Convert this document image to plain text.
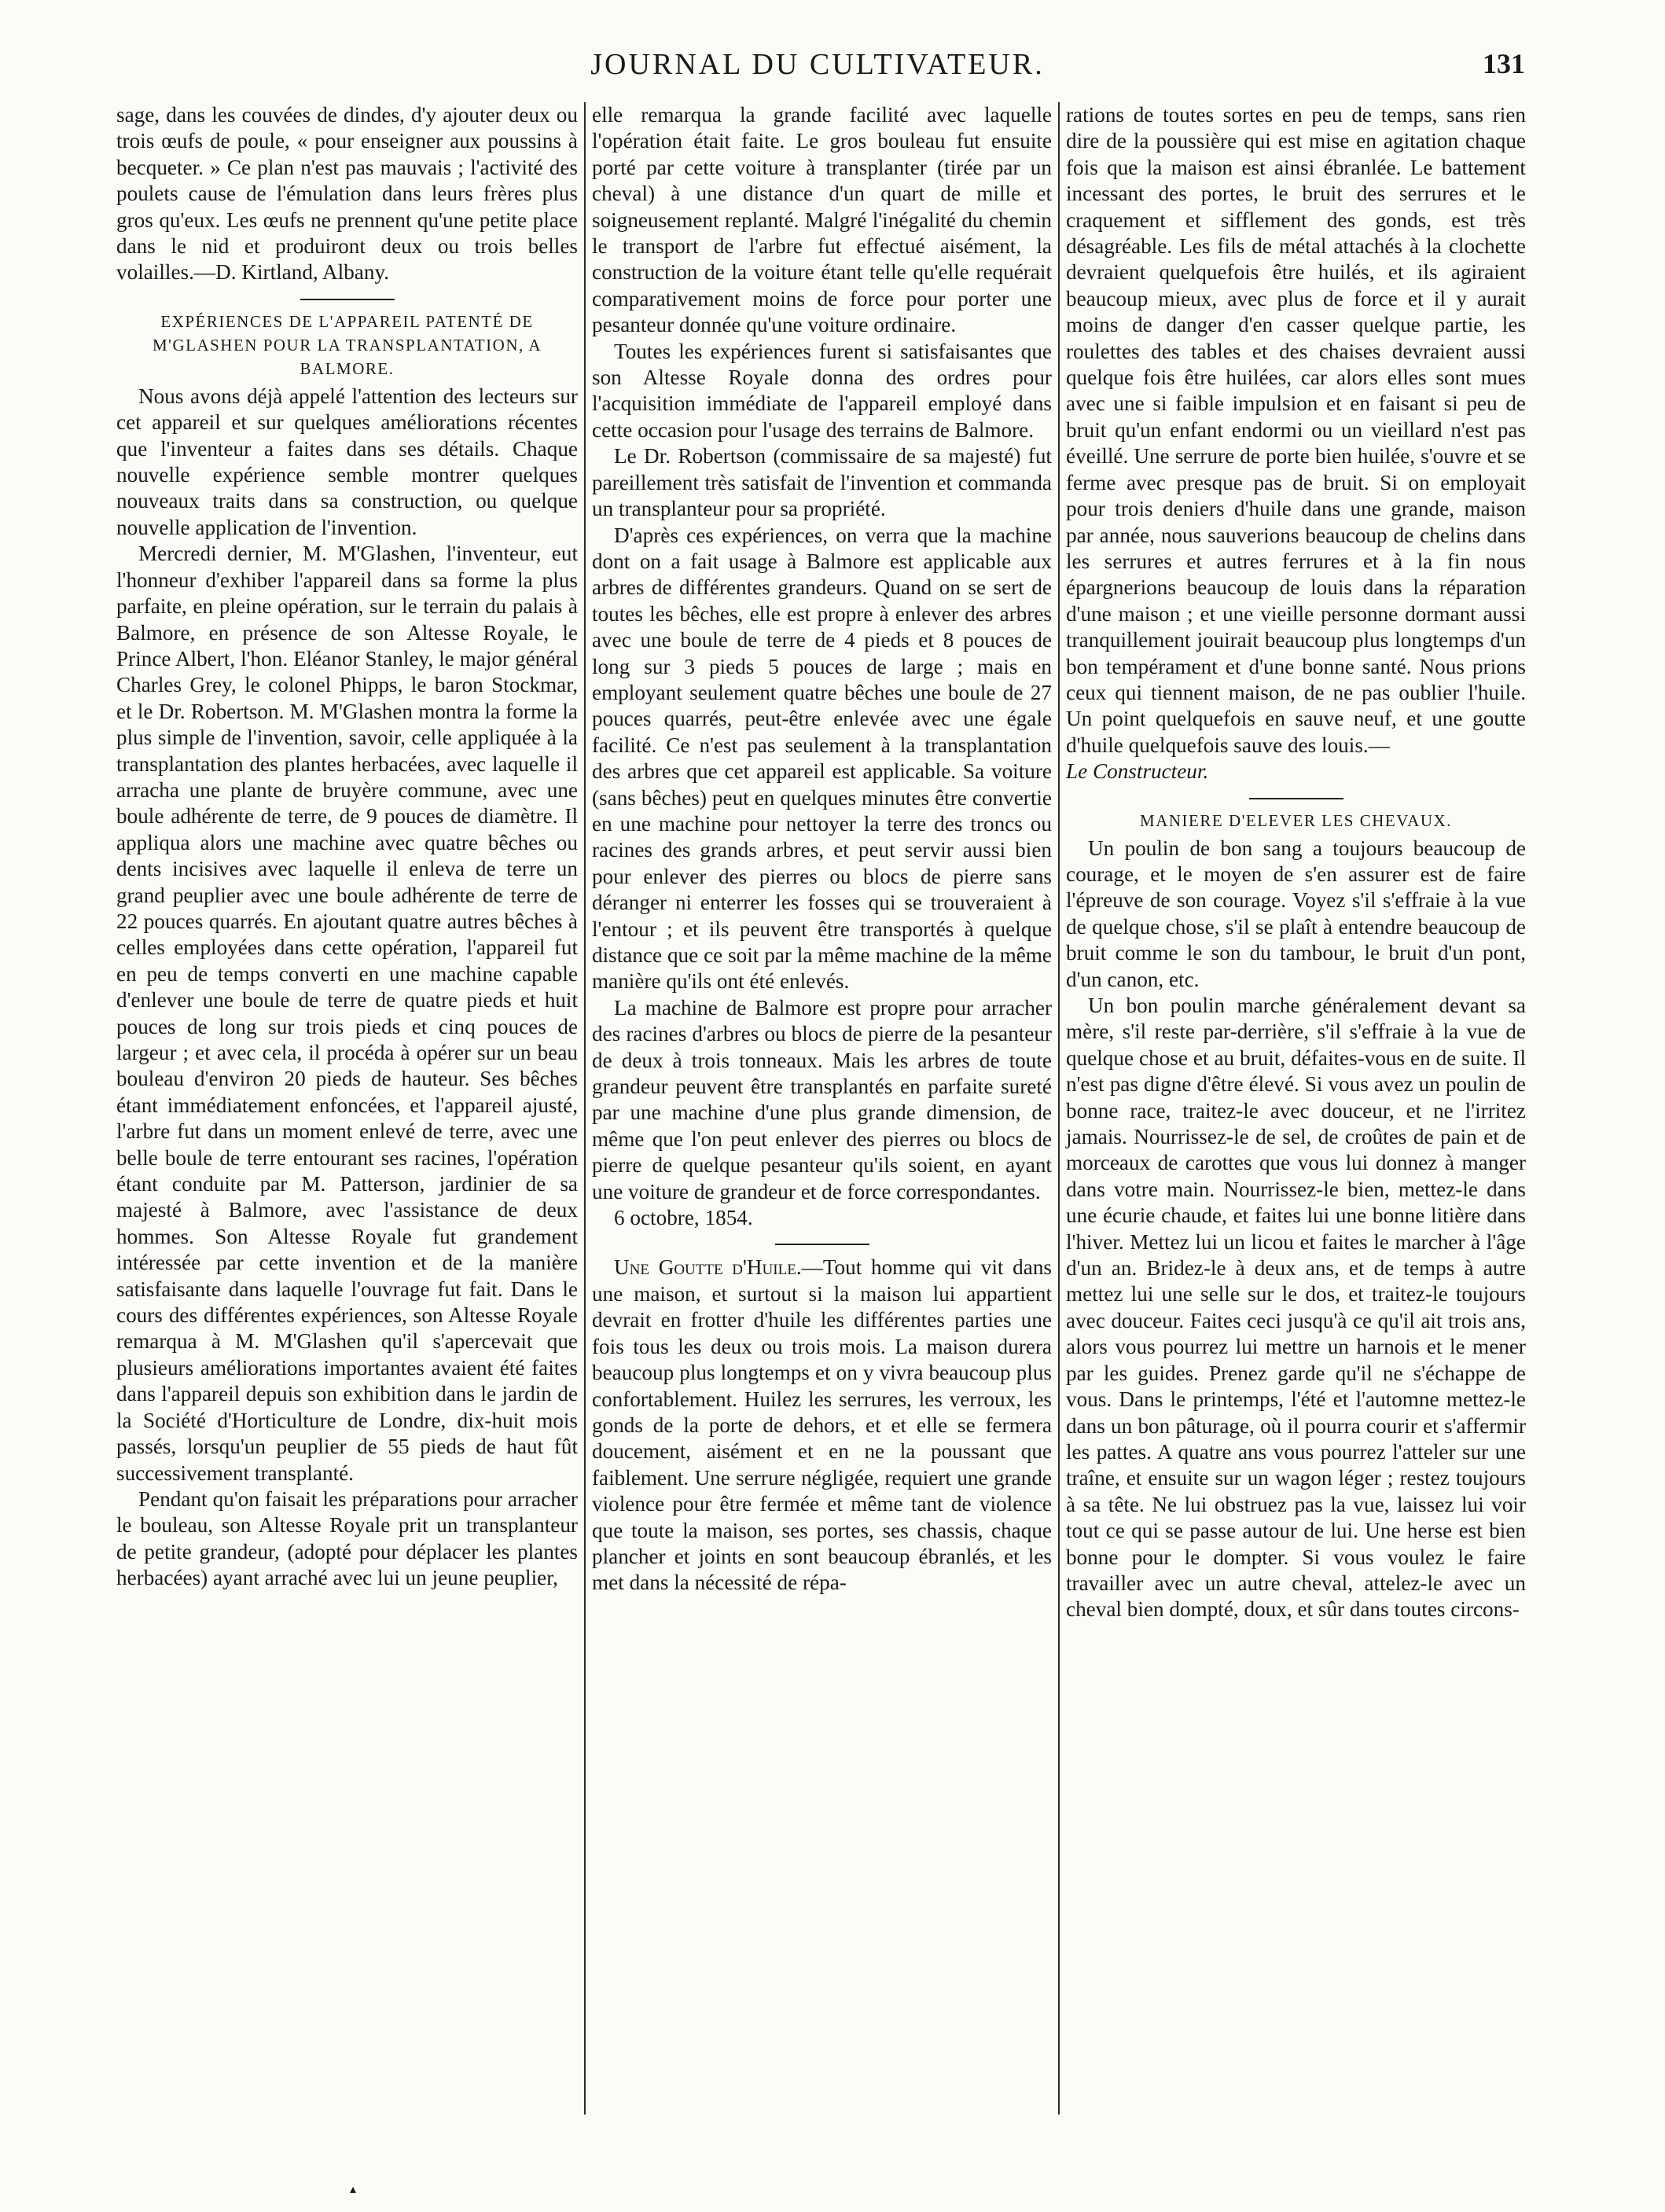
JOURNAL DU CULTIVATEUR.	131

sage, dans les couvées de dindes, d'y ajouter deux ou trois œufs de poule, « pour enseigner aux poussins à becqueter. » Ce plan n'est pas mauvais ; l'activité des poulets cause de l'émulation dans leurs frères plus gros qu'eux. Les œufs ne prennent qu'une petite place dans le nid et produiront deux ou trois belles volailles.—D. Kirtland, Albany.

EXPÉRIENCES DE L'APPAREIL PATENTÉ DE M'GLASHEN POUR LA TRANSPLANTATION, A BALMORE.

Nous avons déjà appelé l'attention des lecteurs sur cet appareil et sur quelques améliorations récentes que l'inventeur a faites dans ses détails. Chaque nouvelle expérience semble montrer quelques nouveaux traits dans sa construction, ou quelque nouvelle application de l'invention.

Mercredi dernier, M. M'Glashen, l'inventeur, eut l'honneur d'exhiber l'appareil dans sa forme la plus parfaite, en pleine opération, sur le terrain du palais à Balmore, en présence de son Altesse Royale, le Prince Albert, l'hon. Eléanor Stanley, le major général Charles Grey, le colonel Phipps, le baron Stockmar, et le Dr. Robertson. M. M'Glashen montra la forme la plus simple de l'invention, savoir, celle appliquée à la transplantation des plantes herbacées, avec laquelle il arracha une plante de bruyère commune, avec une boule adhérente de terre, de 9 pouces de diamètre. Il appliqua alors une machine avec quatre bêches ou dents incisives avec laquelle il enleva de terre un grand peuplier avec une boule adhérente de terre de 22 pouces quarrés. En ajoutant quatre autres bêches à celles employées dans cette opération, l'appareil fut en peu de temps converti en une machine capable d'enlever une boule de terre de quatre pieds et huit pouces de long sur trois pieds et cinq pouces de largeur ; et avec cela, il procéda à opérer sur un beau bouleau d'environ 20 pieds de hauteur. Ses bêches étant immédiatement enfoncées, et l'appareil ajusté, l'arbre fut dans un moment enlevé de terre, avec une belle boule de terre entourant ses racines, l'opération étant conduite par M. Patterson, jardinier de sa majesté à Balmore, avec l'assistance de deux hommes. Son Altesse Royale fut grandement intéressée par cette invention et de la manière satisfaisante dans laquelle l'ouvrage fut fait. Dans le cours des différentes expériences, son Altesse Royale remarqua à M. M'Glashen qu'il s'apercevait que plusieurs améliorations importantes avaient été faites dans l'appareil depuis son exhibition dans le jardin de la Société d'Horticulture de Londre, dix-huit mois passés, lorsqu'un peuplier de 55 pieds de haut fût successivement transplanté.

Pendant qu'on faisait les préparations pour arracher le bouleau, son Altesse Royale prit un transplanteur de petite grandeur, (adopté pour déplacer les plantes herbacées) ayant arraché avec lui un jeune peuplier,

elle remarqua la grande facilité avec laquelle l'opération était faite. Le gros bouleau fut ensuite porté par cette voiture à transplanter (tirée par un cheval) à une distance d'un quart de mille et soigneusement replanté. Malgré l'inégalité du chemin le transport de l'arbre fut effectué aisément, la construction de la voiture étant telle qu'elle requérait comparativement moins de force pour porter une pesanteur donnée qu'une voiture ordinaire.

Toutes les expériences furent si satisfaisantes que son Altesse Royale donna des ordres pour l'acquisition immédiate de l'appareil employé dans cette occasion pour l'usage des terrains de Balmore.

Le Dr. Robertson (commissaire de sa majesté) fut pareillement très satisfait de l'invention et commanda un transplanteur pour sa propriété.

D'après ces expériences, on verra que la machine dont on a fait usage à Balmore est applicable aux arbres de différentes grandeurs. Quand on se sert de toutes les bêches, elle est propre à enlever des arbres avec une boule de terre de 4 pieds et 8 pouces de long sur 3 pieds 5 pouces de large ; mais en employant seulement quatre bêches une boule de 27 pouces quarrés, peut-être enlevée avec une égale facilité. Ce n'est pas seulement à la transplantation des arbres que cet appareil est applicable. Sa voiture (sans bêches) peut en quelques minutes être convertie en une machine pour nettoyer la terre des troncs ou racines des grands arbres, et peut servir aussi bien pour enlever des pierres ou blocs de pierre sans déranger ni enterrer les fosses qui se trouveraient à l'entour ; et ils peuvent être transportés à quelque distance que ce soit par la même machine de la même manière qu'ils ont été enlevés.

La machine de Balmore est propre pour arracher des racines d'arbres ou blocs de pierre de la pesanteur de deux à trois tonneaux. Mais les arbres de toute grandeur peuvent être transplantés en parfaite sureté par une machine d'une plus grande dimension, de même que l'on peut enlever des pierres ou blocs de pierre de quelque pesanteur qu'ils soient, en ayant une voiture de grandeur et de force correspondantes.

6 octobre, 1854.

Une Goutte d'Huile.—Tout homme qui vit dans une maison, et surtout si la maison lui appartient devrait en frotter d'huile les différentes parties une fois tous les deux ou trois mois. La maison durera beaucoup plus longtemps et on y vivra beaucoup plus confortablement. Huilez les serrures, les verroux, les gonds de la porte de dehors, et et elle se fermera doucement, aisément et en ne la poussant que faiblement. Une serrure négligée, requiert une grande violence pour être fermée et même tant de violence que toute la maison, ses portes, ses chassis, chaque plancher et joints en sont beaucoup ébranlés, et les met dans la nécessité de répa-

rations de toutes sortes en peu de temps, sans rien dire de la poussière qui est mise en agitation chaque fois que la maison est ainsi ébranlée. Le battement incessant des portes, le bruit des serrures et le craquement et sifflement des gonds, est très désagréable. Les fils de métal attachés à la clochette devraient quelquefois être huilés, et ils agiraient beaucoup mieux, avec plus de force et il y aurait moins de danger d'en casser quelque partie, les roulettes des tables et des chaises devraient aussi quelque fois être huilées, car alors elles sont mues avec une si faible impulsion et en faisant si peu de bruit qu'un enfant endormi ou un vieillard n'est pas éveillé. Une serrure de porte bien huilée, s'ouvre et se ferme avec presque pas de bruit. Si on employait pour trois deniers d'huile dans une grande, maison par année, nous sauverions beaucoup de chelins dans les serrures et autres ferrures et à la fin nous épargnerions beaucoup de louis dans la réparation d'une maison ; et une vieille personne dormant aussi tranquillement jouirait beaucoup plus longtemps d'un bon tempérament et d'une bonne santé. Nous prions ceux qui tiennent maison, de ne pas oublier l'huile. Un point quelquefois en sauve neuf, et une goutte d'huile quelquefois sauve des louis.—

Le Constructeur.

MANIERE D'ELEVER LES CHEVAUX.

Un poulin de bon sang a toujours beaucoup de courage, et le moyen de s'en assurer est de faire l'épreuve de son courage. Voyez s'il s'effraie à la vue de quelque chose, s'il se plaît à entendre beaucoup de bruit comme le son du tambour, le bruit d'un pont, d'un canon, etc.

Un bon poulin marche généralement devant sa mère, s'il reste par-derrière, s'il s'effraie à la vue de quelque chose et au bruit, défaites-vous en de suite. Il n'est pas digne d'être élevé. Si vous avez un poulin de bonne race, traitez-le avec douceur, et ne l'irritez jamais. Nourrissez-le de sel, de croûtes de pain et de morceaux de carottes que vous lui donnez à manger dans votre main. Nourrissez-le bien, mettez-le dans une écurie chaude, et faites lui une bonne litière dans l'hiver. Mettez lui un licou et faites le marcher à l'âge d'un an. Bridez-le à deux ans, et de temps à autre mettez lui une selle sur le dos, et traitez-le toujours avec douceur. Faites ceci jusqu'à ce qu'il ait trois ans, alors vous pourrez lui mettre un harnois et le mener par les guides. Prenez garde qu'il ne s'échappe de vous. Dans le printemps, l'été et l'automne mettez-le dans un bon pâturage, où il pourra courir et s'affermir les pattes. A quatre ans vous pourrez l'atteler sur une traîne, et ensuite sur un wagon léger ; restez toujours à sa tête. Ne lui obstruez pas la vue, laissez lui voir tout ce qui se passe autour de lui. Une herse est bien bonne pour le dompter. Si vous voulez le faire travailler avec un autre cheval, attelez-le avec un cheval bien dompté, doux, et sûr dans toutes circons-

▴
